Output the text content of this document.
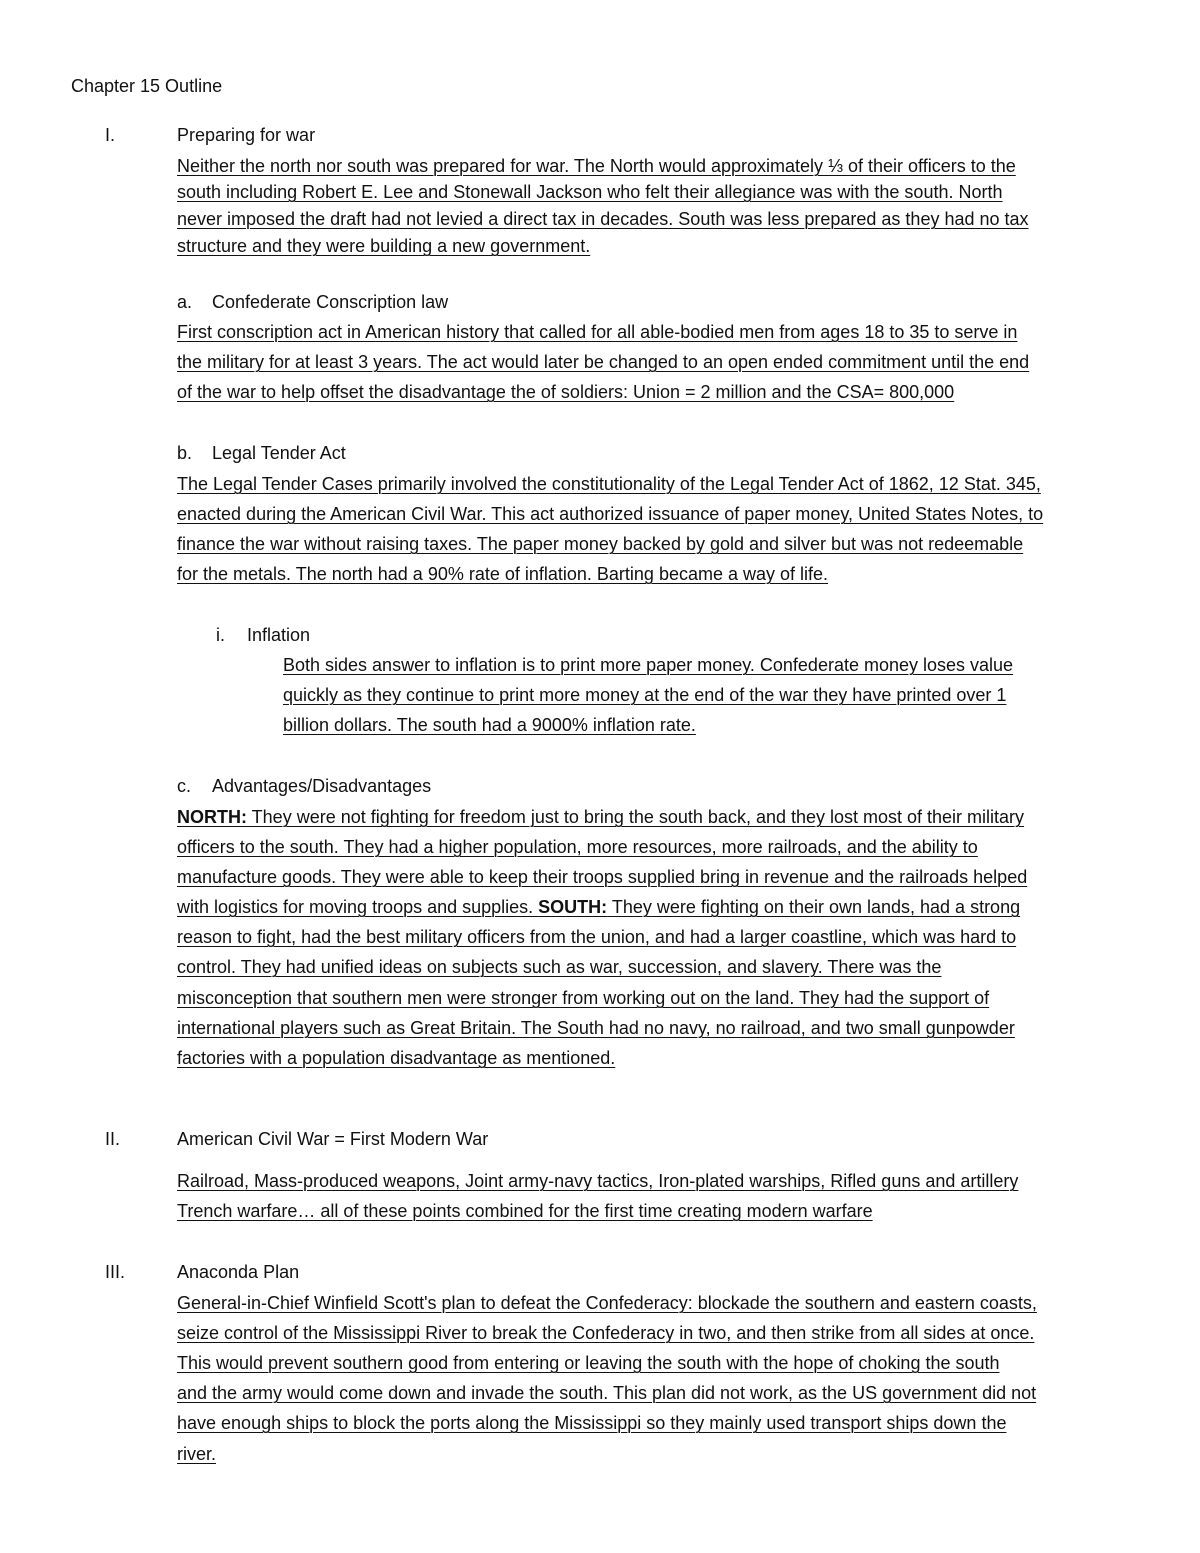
Chapter 15 Outline
I.	Preparing for war
Neither the north nor south was prepared for war. The North would approximately ⅓ of their officers to the
south including Robert E. Lee and Stonewall Jackson who felt their allegiance was with the south. North
never imposed the draft had not levied a direct tax in decades. South was less prepared as they had no tax
structure and they were building a new government.
a. Confederate Conscription law
First conscription act in American history that called for all able-bodied men from ages 18 to 35 to serve in
the military for at least 3 years. The act would later be changed to an open ended commitment until the end
of the war to help offset the disadvantage the of soldiers: Union = 2 million and the CSA= 800,000
b. Legal Tender Act
The Legal Tender Cases primarily involved the constitutionality of the Legal Tender Act of 1862, 12 Stat. 345,
enacted during the American Civil War. This act authorized issuance of paper money, United States Notes, to
finance the war without raising taxes. The paper money backed by gold and silver but was not redeemable
for the metals. The north had a 90% rate of inflation. Barting became a way of life.
i. Inflation
Both sides answer to inflation is to print more paper money. Confederate money loses value
quickly as they continue to print more money at the end of the war they have printed over 1
billion dollars. The south had a 9000% inflation rate.
c. Advantages/Disadvantages
NORTH: They were not fighting for freedom just to bring the south back, and they lost most of their military
officers to the south. They had a higher population, more resources, more railroads, and the ability to
manufacture goods. They were able to keep their troops supplied bring in revenue and the railroads helped
with logistics for moving troops and supplies. SOUTH: They were fighting on their own lands, had a strong
reason to fight, had the best military officers from the union, and had a larger coastline, which was hard to
control. They had unified ideas on subjects such as war, succession, and slavery. There was the
misconception that southern men were stronger from working out on the land. They had the support of
international players such as Great Britain. The South had no navy, no railroad, and two small gunpowder
factories with a population disadvantage as mentioned.
II.	American Civil War = First Modern War
Railroad, Mass-produced weapons, Joint army-navy tactics, Iron-plated warships, Rifled guns and artillery
Trench warfare… all of these points combined for the first time creating modern warfare
III.	Anaconda Plan
General-in-Chief Winfield Scott's plan to defeat the Confederacy: blockade the southern and eastern coasts,
seize control of the Mississippi River to break the Confederacy in two, and then strike from all sides at once.
This would prevent southern good from entering or leaving the south with the hope of choking the south
and the army would come down and invade the south. This plan did not work, as the US government did not
have enough ships to block the ports along the Mississippi so they mainly used transport ships down the
river.
